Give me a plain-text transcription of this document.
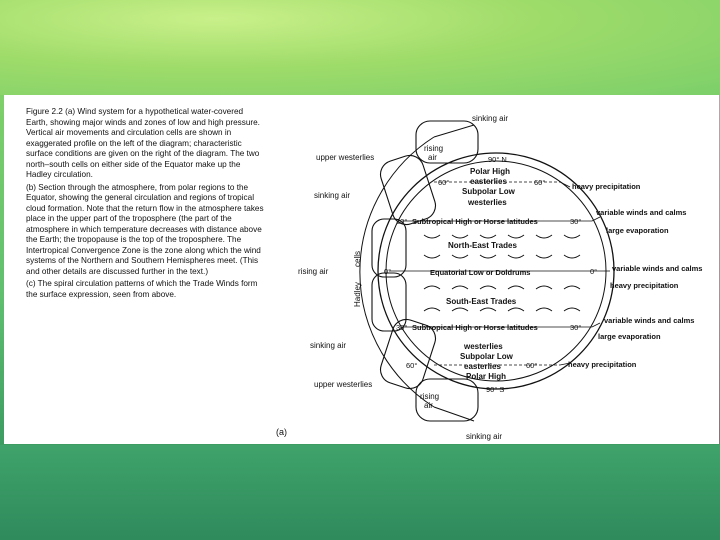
Figure 2.2 (a) Wind system for a hypothetical water-covered Earth, showing major winds and zones of low and high pressure. Vertical air movements and circulation cells are shown in exaggerated profile on the left of the diagram; characteristic surface conditions are given on the right of the diagram. The two north–south cells on either side of the Equator make up the Hadley circulation.

(b) Section through the atmosphere, from polar regions to the Equator, showing the general circulation and regions of tropical cloud formation. Note that the return flow in the atmosphere takes place in the upper part of the troposphere (the part of the atmosphere in which temperature decreases with distance above the Earth; the tropopause is the top of the troposphere. The Intertropical Convergence Zone is the zone along which the wind systems of the Northern and Southern Hemispheres meet. (This and other details are discussed further in the text.)

(c) The spiral circulation patterns of which the Trade Winds form the surface expression, seen from above.

(a)
upper westerlies
sinking air
rising air
sinking air
upper westerlies
Hadley
cells
sinking air
rising
air
rising
air
sinking air
90° N
60°	60°
30°	30°
0°	0°
30°	30°
60°	60°
90° S
Polar High
easterlies
Subpolar Low
westerlies
Subtropical High or Horse latitudes
North-East Trades
Equatorial Low or Doldrums
South-East Trades
Subtropical High or Horse latitudes
westerlies
Subpolar Low
easterlies
Polar High
heavy precipitation
variable winds and calms
large evaporation
variable winds and calms
heavy precipitation
variable winds and calms
large evaporation
heavy precipitation
